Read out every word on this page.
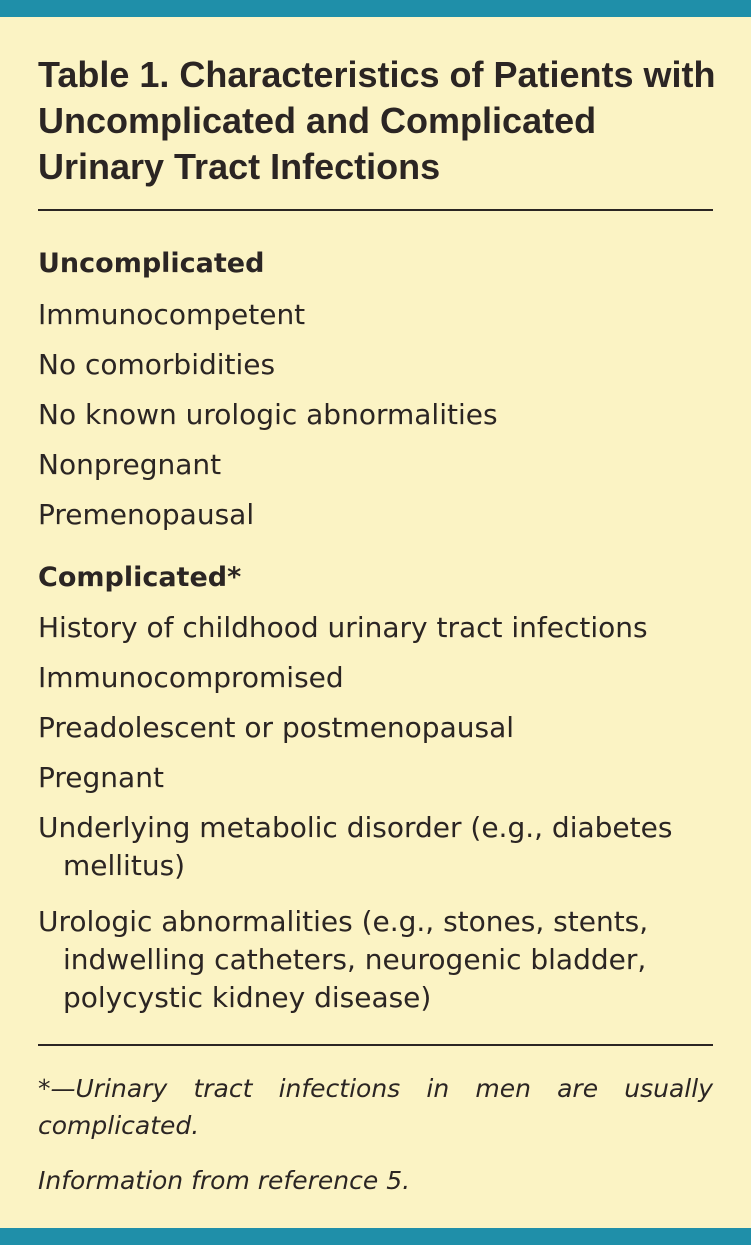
Table 1. Characteristics of Patients with Uncomplicated and Complicated Urinary Tract Infections
Uncomplicated
Immunocompetent
No comorbidities
No known urologic abnormalities
Nonpregnant
Premenopausal
Complicated*
History of childhood urinary tract infections
Immunocompromised
Preadolescent or postmenopausal
Pregnant
Underlying metabolic disorder (e.g., diabetes mellitus)
Urologic abnormalities (e.g., stones, stents, indwelling catheters, neurogenic bladder, polycystic kidney disease)
*—Urinary tract infections in men are usually complicated.
Information from reference 5.
